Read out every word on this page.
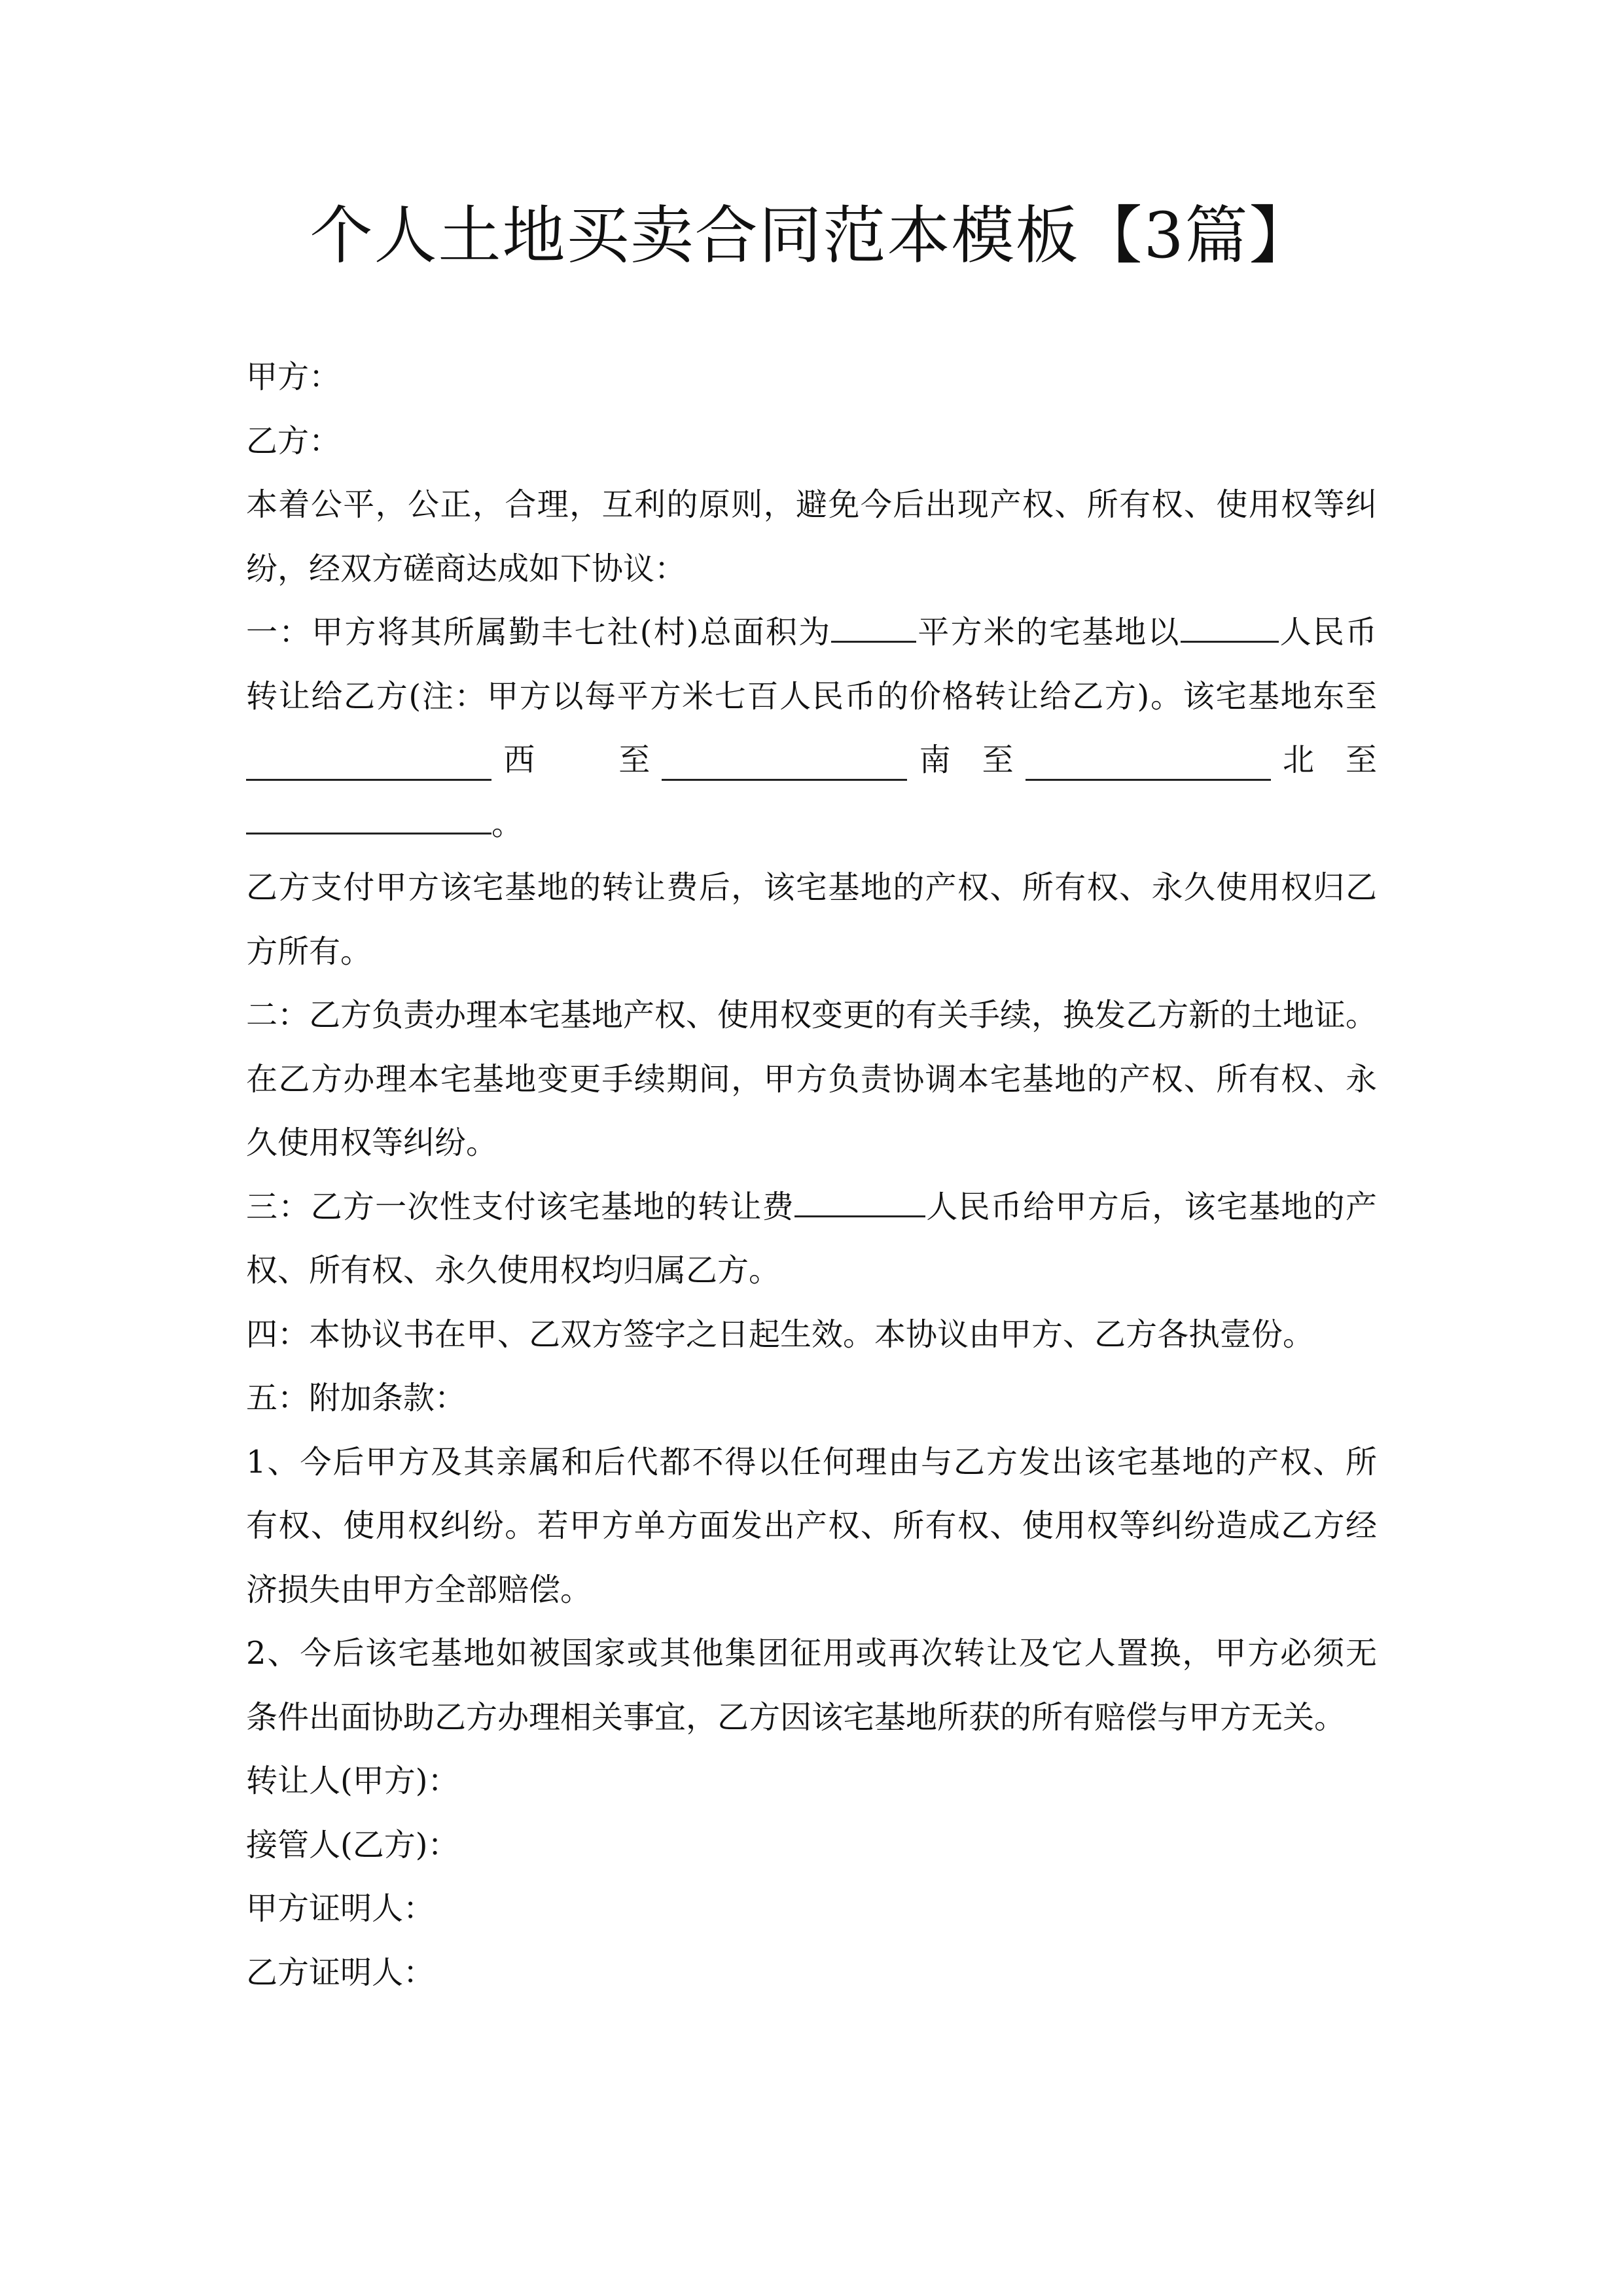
个人土地买卖合同范本模板【3篇】
甲方：
乙方：
本着公平，公正，合理，互利的原则，避免今后出现产权、所有权、使用权等纠
纷，经双方磋商达成如下协议：
一：甲方将其所属勤丰七社(村)总面积为	平方米的宅基地以	人民币
转让给乙方(注：甲方以每平方米七百人民币的价格转让给乙方)。该宅基地东至
西　至	南　至	北　至
。
乙方支付甲方该宅基地的转让费后，该宅基地的产权、所有权、永久使用权归乙
方所有。
二：乙方负责办理本宅基地产权、使用权变更的有关手续，换发乙方新的土地证。
在乙方办理本宅基地变更手续期间，甲方负责协调本宅基地的产权、所有权、永
久使用权等纠纷。
三：乙方一次性支付该宅基地的转让费	人民币给甲方后，该宅基地的产
权、所有权、永久使用权均归属乙方。
四：本协议书在甲、乙双方签字之日起生效。本协议由甲方、乙方各执壹份。
五：附加条款：
1、今后甲方及其亲属和后代都不得以任何理由与乙方发出该宅基地的产权、所
有权、使用权纠纷。若甲方单方面发出产权、所有权、使用权等纠纷造成乙方经
济损失由甲方全部赔偿。
2、今后该宅基地如被国家或其他集团征用或再次转让及它人置换，甲方必须无
条件出面协助乙方办理相关事宜，乙方因该宅基地所获的所有赔偿与甲方无关。
转让人(甲方)：
接管人(乙方)：
甲方证明人：
乙方证明人：
